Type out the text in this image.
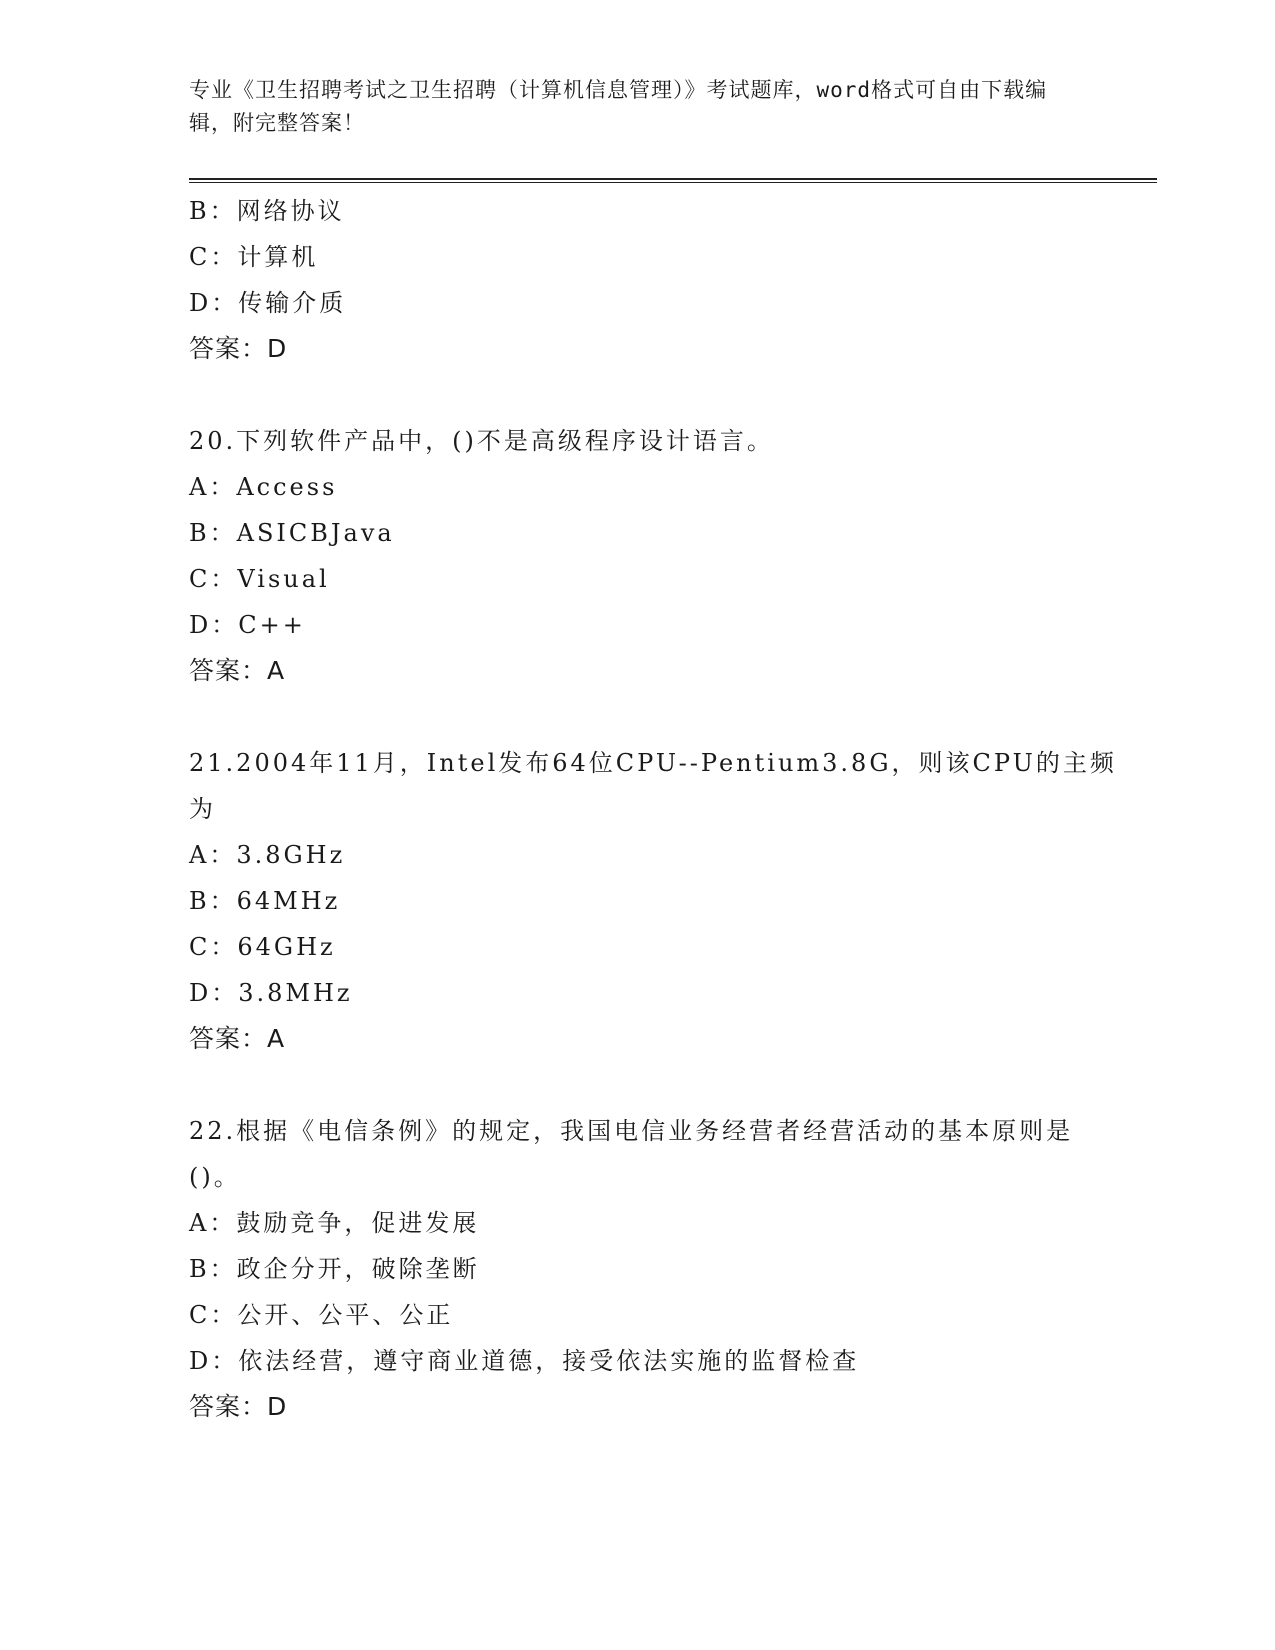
专业《卫生招聘考试之卫生招聘（计算机信息管理）》考试题库，word格式可自由下载编辑，附完整答案！
B：网络协议
C：计算机
D：传输介质
答案：D
20.下列软件产品中，()不是高级程序设计语言。
A：Access
B：ASICBJava
C：Visual
D：C++
答案：A
21.2004年11月，Intel发布64位CPU--Pentium3.8G，则该CPU的主频为
A：3.8GHz
B：64MHz
C：64GHz
D：3.8MHz
答案：A
22.根据《电信条例》的规定，我国电信业务经营者经营活动的基本原则是()。
A：鼓励竞争，促进发展
B：政企分开，破除垄断
C：公开、公平、公正
D：依法经营，遵守商业道德，接受依法实施的监督检查
答案：D
